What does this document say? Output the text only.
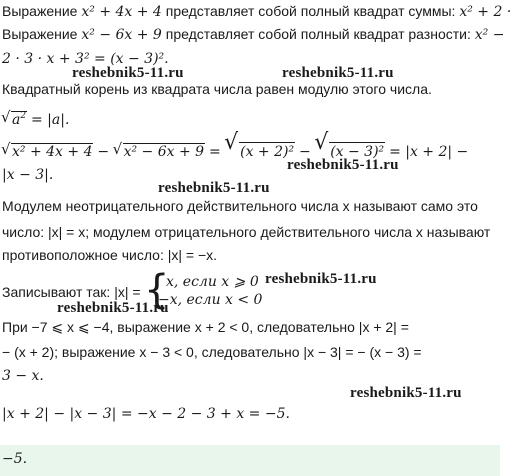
Выражение x² + 4x + 4 представляет собой полный квадрат суммы: x² + 2 ·
Выражение x² − 6x + 9 представляет собой полный квадрат разности: x² −
2 · 3 · x + 3² = (x − 3)².
reshebnik5-11.ru	reshebnik5-11.ru
Квадратный корень из квадрата числа равен модулю этого числа.
√ $a^2 = |a|$.
√ x² + 4x + 4 − √ x² − 6x + 9 = √ (x + 2)² − √ (x − 3)² = |x + 2| −
reshebnik5-11.ru
|x − 3|.
reshebnik5-11.ru
Модулем неотрицательного действительного числа x называют само это
число: |x| = x; модулем отрицательного действительного числа x называют
противоположное число: |x| = −x.
Записывают так: |x| = {
x, если x ⩾ 0
−x, если x < 0
reshebnik5-11.ru
reshebnik5-11.ru
При −7 ⩽ x ⩽ −4, выражение x + 2 < 0, следовательно |x + 2| =
− (x + 2); выражение x − 3 < 0, следовательно |x − 3| = − (x − 3) =
3 − x.
reshebnik5-11.ru
|x + 2| − |x − 3| = −x − 2 − 3 + x = −5.
−5.
